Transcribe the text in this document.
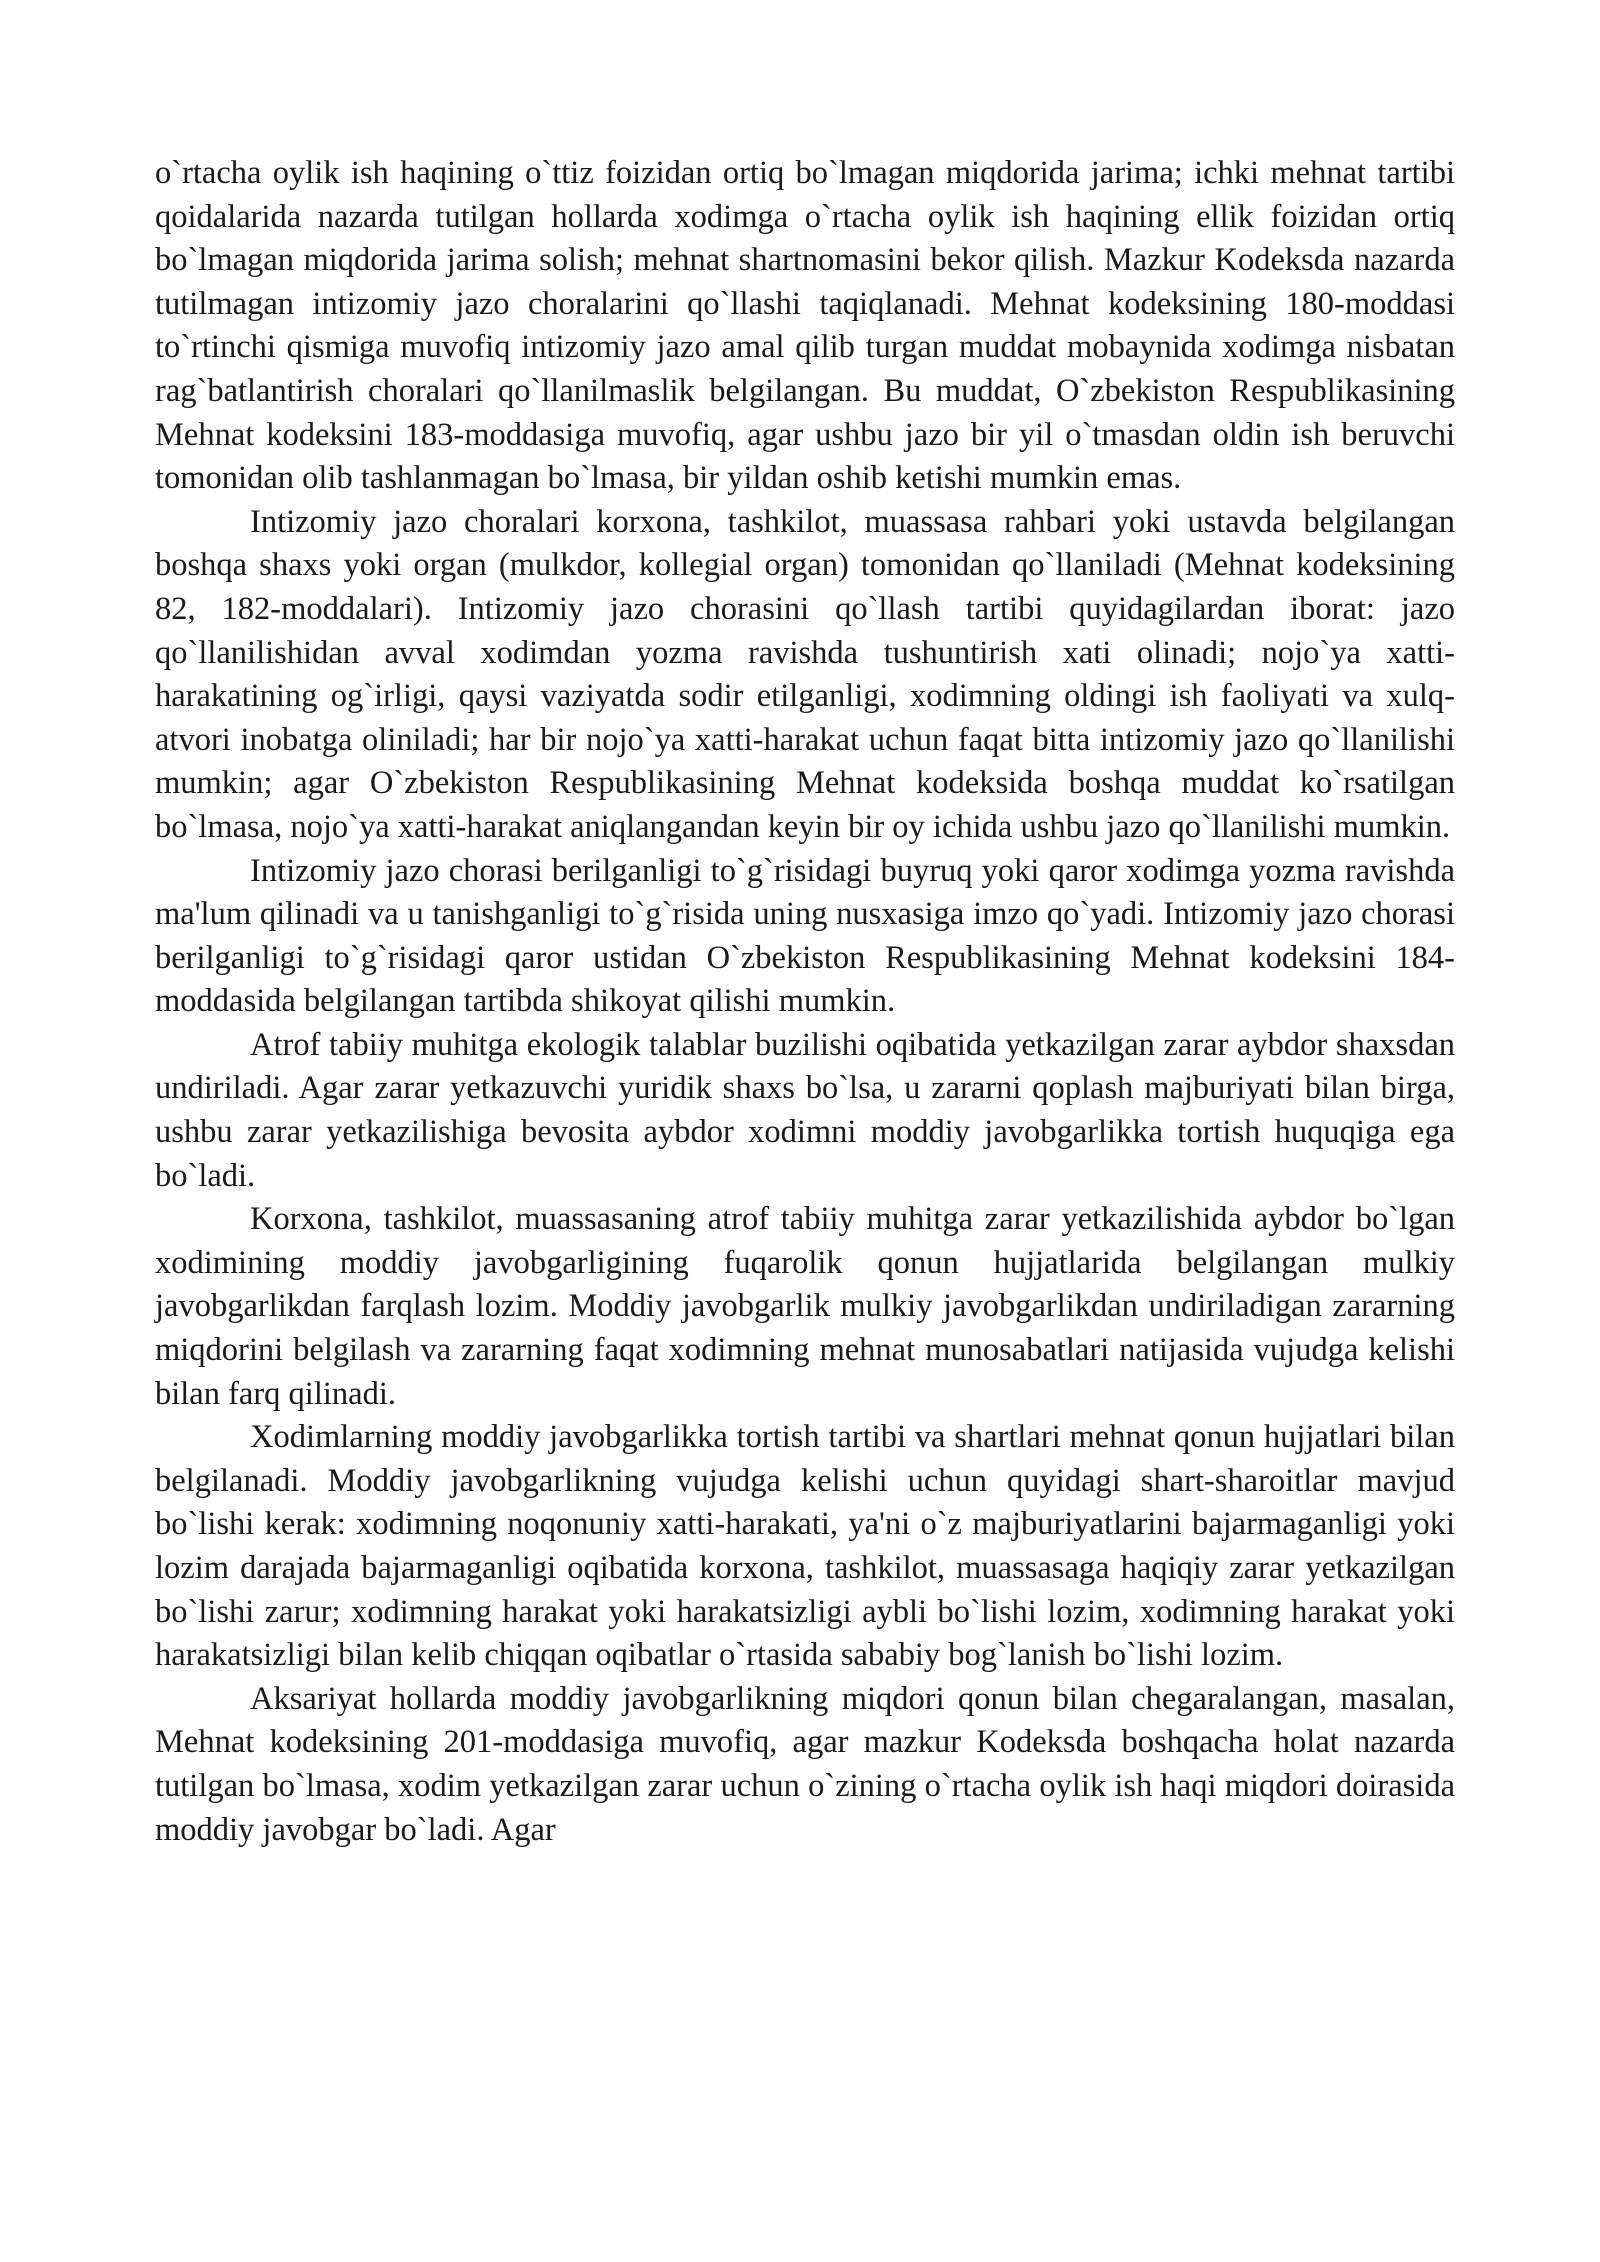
o`rtacha oylik ish haqining o`ttiz foizidan ortiq bo`lmagan miqdorida jarima; ichki mehnat tartibi qoidalarida nazarda tutilgan hollarda xodimga o`rtacha oylik ish haqining ellik foizidan ortiq bo`lmagan miqdorida jarima solish; mehnat shartnomasini bekor qilish. Mazkur Kodeksda nazarda tutilmagan intizomiy jazo choralarini qo`llashi taqiqlanadi. Mehnat kodeksining 180-moddasi to`rtinchi qismiga muvofiq intizomiy jazo amal qilib turgan muddat mobaynida xodimga nisbatan rag`batlantirish choralari qo`llanilmaslik belgilangan. Bu muddat, O`zbekiston Respublikasining Mehnat kodeksini 183-moddasiga muvofiq, agar ushbu jazo bir yil o`tmasdan oldin ish beruvchi tomonidan olib tashlanmagan bo`lmasa, bir yildan oshib ketishi mumkin emas.

Intizomiy jazo choralari korxona, tashkilot, muassasa rahbari yoki ustavda belgilangan boshqa shaxs yoki organ (mulkdor, kollegial organ) tomonidan qo`llaniladi (Mehnat kodeksining 82, 182-moddalari). Intizomiy jazo chorasini qo`llash tartibi quyidagilardan iborat: jazo qo`llanilishidan avval xodimdan yozma ravishda tushuntirish xati olinadi; nojo`ya xatti-harakatining og`irligi, qaysi vaziyatda sodir etilganligi, xodimning oldingi ish faoliyati va xulq-atvori inobatga oliniladi; har bir nojo`ya xatti-harakat uchun faqat bitta intizomiy jazo qo`llanilishi mumkin; agar O`zbekiston Respublikasining Mehnat kodeksida boshqa muddat ko`rsatilgan bo`lmasa, nojo`ya xatti-harakat aniqlangandan keyin bir oy ichida ushbu jazo qo`llanilishi mumkin.

Intizomiy jazo chorasi berilganligi to`g`risidagi buyruq yoki qaror xodimga yozma ravishda ma'lum qilinadi va u tanishganligi to`g`risida uning nusxasiga imzo qo`yadi. Intizomiy jazo chorasi berilganligi to`g`risidagi qaror ustidan O`zbekiston Respublikasining Mehnat kodeksini 184-moddasida belgilangan tartibda shikoyat qilishi mumkin.

Atrof tabiiy muhitga ekologik talablar buzilishi oqibatida yetkazilgan zarar aybdor shaxsdan undiriladi. Agar zarar yetkazuvchi yuridik shaxs bo`lsa, u zararni qoplash majburiyati bilan birga, ushbu zarar yetkazilishiga bevosita aybdor xodimni moddiy javobgarlikka tortish huquqiga ega bo`ladi.

Korxona, tashkilot, muassasaning atrof tabiiy muhitga zarar yetkazilishida aybdor bo`lgan xodimining moddiy javobgarligining fuqarolik qonun hujjatlarida belgilangan mulkiy javobgarlikdan farqlash lozim. Moddiy javobgarlik mulkiy javobgarlikdan undiriladigan zararning miqdorini belgilash va zararning faqat xodimning mehnat munosabatlari natijasida vujudga kelishi bilan farq qilinadi.

Xodimlarning moddiy javobgarlikka tortish tartibi va shartlari mehnat qonun hujjatlari bilan belgilanadi. Moddiy javobgarlikning vujudga kelishi uchun quyidagi shart-sharoitlar mavjud bo`lishi kerak: xodimning noqonuniy xatti-harakati, ya'ni o`z majburiyatlarini bajarmaganligi yoki lozim darajada bajarmaganligi oqibatida korxona, tashkilot, muassasaga haqiqiy zarar yetkazilgan bo`lishi zarur; xodimning harakat yoki harakatsizligi aybli bo`lishi lozim, xodimning harakat yoki harakatsizligi bilan kelib chiqqan oqibatlar o`rtasida sababiy bog`lanish bo`lishi lozim.

Aksariyat hollarda moddiy javobgarlikning miqdori qonun bilan chegaralangan, masalan, Mehnat kodeksining 201-moddasiga muvofiq, agar mazkur Kodeksda boshqacha holat nazarda tutilgan bo`lmasa, xodim yetkazilgan zarar uchun o`zining o`rtacha oylik ish haqi miqdori doirasida moddiy javobgar bo`ladi. Agar
